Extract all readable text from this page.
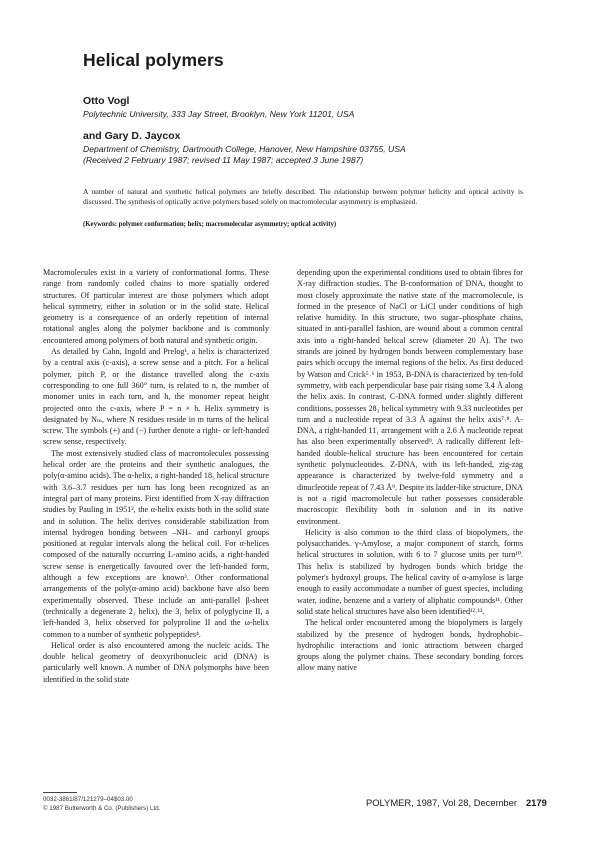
Helical polymers
Otto Vogl
Polytechnic University, 333 Jay Street, Brooklyn, New York 11201, USA
and Gary D. Jaycox
Department of Chemistry, Dartmouth College, Hanover, New Hampshire 03755, USA
(Received 2 February 1987; revised 11 May 1987; accepted 3 June 1987)
A number of natural and synthetic helical polymers are briefly described. The relationship between polymer helicity and optical activity is discussed. The synthesis of optically active polymers based solely on macromolecular asymmetry is emphasized.
(Keywords: polymer conformation; helix; macromolecular asymmetry; optical activity)

Macromolecules exist in a variety of conformational forms. These range from randomly coiled chains to more spatially ordered structures. Of particular interest are those polymers which adopt helical symmetry, either in solution or in the solid state. Helical geometry is a consequence of an orderly repetition of internal rotational angles along the polymer backbone and is commonly encountered among polymers of both natural and synthetic origin.

As detailed by Cahn, Ingold and Prelog¹, a helix is characterized by a central axis (c-axis), a screw sense and a pitch. For a helical polymer, pitch P, or the distance travelled along the c-axis corresponding to one full 360° turn, is related to n, the number of monomer units in each turn, and h, the monomer repeat height projected onto the c-axis, where P = n × h. Helix symmetry is designated by Nₘ, where N residues reside in m turns of the helical screw. The symbols (+) and (−) further denote a right- or left-handed screw sense, respectively.

The most extensively studied class of macromolecules possessing helical order are the proteins and their synthetic analogues, the poly(α-amino acids). The α-helix, a right-handed 18₅ helical structure with 3.6–3.7 residues per turn has long been recognized as an integral part of many proteins. First identified from X-ray diffraction studies by Pauling in 1951², the α-helix exists both in the solid state and in solution. The helix derives considerable stabilization from internal hydrogen bonding between –NH– and carbonyl groups positioned at regular intervals along the helical coil. For α-helices composed of the naturally occurring L-amino acids, a right-handed screw sense is energetically favoured over the left-handed form, although a few exceptions are known³. Other conformational arrangements of the poly(α-amino acid) backbone have also been experimentally observed. These include an anti-parallel β-sheet (technically a degenerate 2₁ helix), the 3₁ helix of polyglycine II, a left-handed 3₁ helix observed for polyproline II and the ω-helix common to a number of synthetic polypeptides⁴.

Helical order is also encountered among the nucleic acids. The double helical geometry of deoxyribonucleic acid (DNA) is particularly well known. A number of DNA polymorphs have been identified in the solid state

depending upon the experimental conditions used to obtain fibres for X-ray diffraction studies. The B-conformation of DNA, thought to most closely approximate the native state of the macromolecule, is formed in the presence of NaCl or LiCl under conditions of high relative humidity. In this structure, two sugar–phosphate chains, situated in anti-parallel fashion, are wound about a common central axis into a right-handed helical screw (diameter 20 Å). The two strands are joined by hydrogen bonds between complementary base pairs which occupy the internal regions of the helix. As first deduced by Watson and Crick⁵˒⁶ in 1953, B-DNA is characterized by ten-fold symmetry, with each perpendicular base pair rising some 3.4 Å along the helix axis. In contrast, C-DNA formed under slightly different conditions, possesses 28₃ helical symmetry with 9.33 nucleotides per turn and a nucleotide repeat of 3.3 Å against the helix axis⁷˒⁸. A-DNA, a right-handed 11₁ arrangement with a 2.6 Å nucleotide repeat has also been experimentally observed⁹. A radically different left-handed double-helical structure has been encountered for certain synthetic polynucleotides. Z-DNA, with its left-handed, zig-zag appearance is characterized by twelve-fold symmetry and a dinucleotide repeat of 7.43 Å⁹. Despite its ladder-like structure, DNA is not a rigid macromolecule but rather possesses considerable macroscopic flexibility both in solution and in its native environment.

Helicity is also common to the third class of biopolymers, the polysaccharides. γ-Amylose, a major component of starch, forms helical structures in solution, with 6 to 7 glucose units per turn¹⁰. This helix is stabilized by hydrogen bonds which bridge the polymer's hydroxyl groups. The helical cavity of α-amylose is large enough to easily accommodate a number of guest species, including water, iodine, benzene and a variety of aliphatic compounds¹¹. Other solid state helical structures have also been identified¹²˒¹³.

The helical order encountered among the biopolymers is largely stabilized by the presence of hydrogen bonds, hydrophobic–hydrophilic interactions and ionic attractions between charged groups along the polymer chains. These secondary bonding forces allow many native

0032-3861/87/121279–04$03.00
© 1987 Butterworth & Co. (Publishers) Ltd.
POLYMER, 1987, Vol 28, December 2179
